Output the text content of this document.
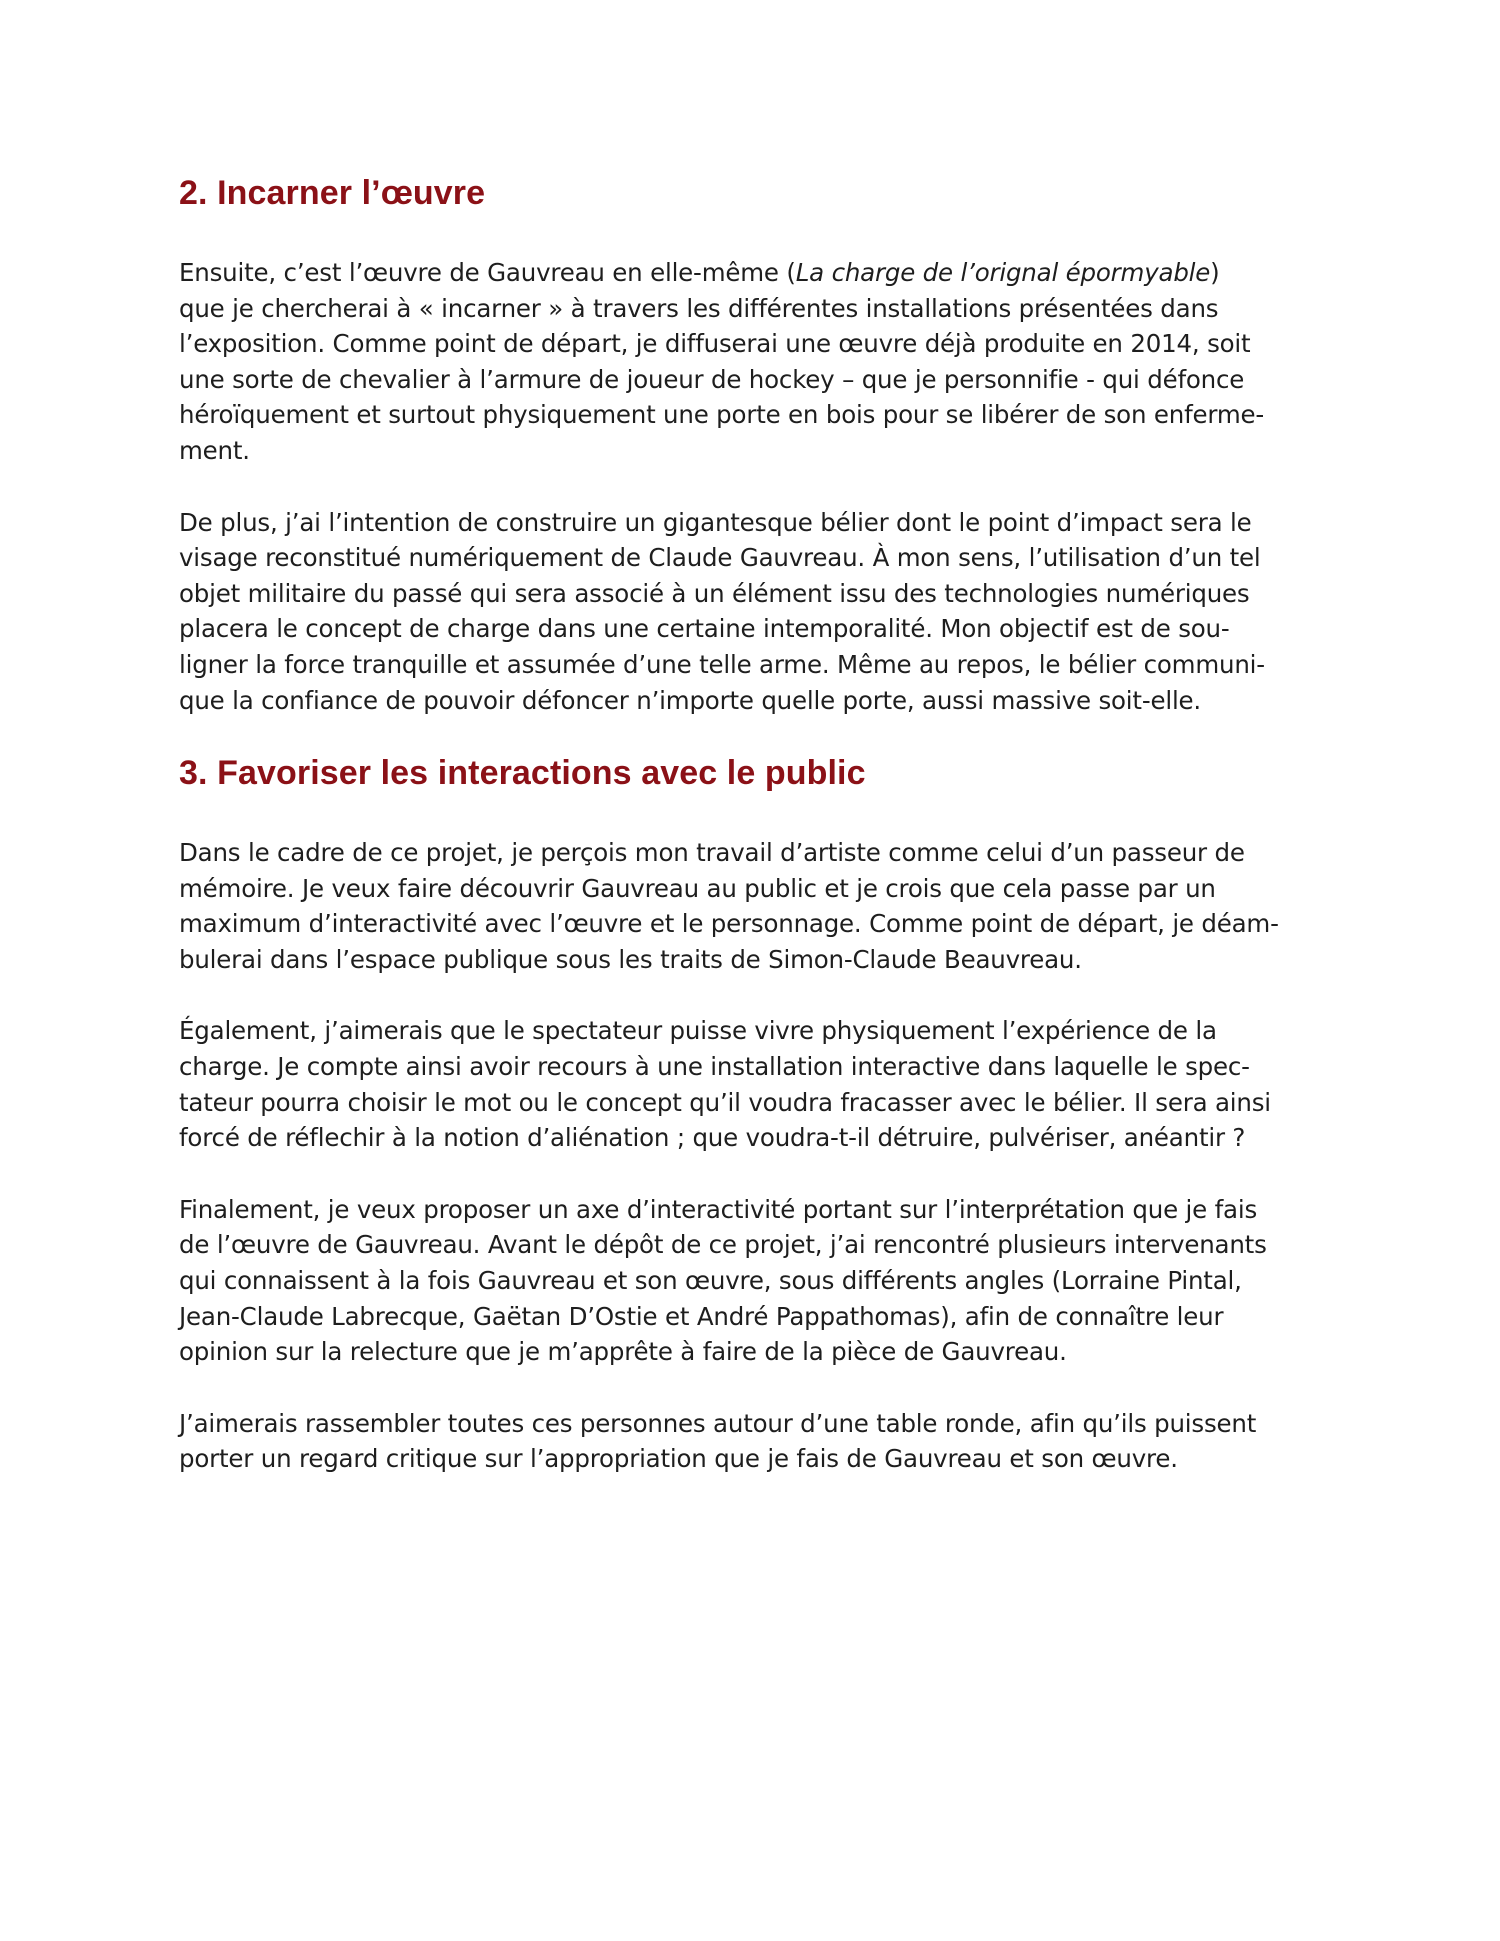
2. Incarner l’œuvre

Ensuite, c’est l’œuvre de Gauvreau en elle-même (La charge de l’orignal épormyable)
que je chercherai à « incarner » à travers les différentes installations présentées dans
l’exposition. Comme point de départ, je diffuserai une œuvre déjà produite en 2014, soit
une sorte de chevalier à l’armure de joueur de hockey – que je personnifie - qui défonce
héroïquement et surtout physiquement une porte en bois pour se libérer de son enferme-
ment.

De plus, j’ai l’intention de construire un gigantesque bélier dont le point d’impact sera le
visage reconstitué numériquement de Claude Gauvreau. À mon sens, l’utilisation d’un tel
objet militaire du passé qui sera associé à un élément issu des technologies numériques
placera le concept de charge dans une certaine intemporalité. Mon objectif est de sou-
ligner la force tranquille et assumée d’une telle arme. Même au repos, le bélier communi-
que la confiance de pouvoir défoncer n’importe quelle porte, aussi massive soit-elle.

3. Favoriser les interactions avec le public

Dans le cadre de ce projet, je perçois mon travail d’artiste comme celui d’un passeur de
mémoire. Je veux faire découvrir Gauvreau au public et je crois que cela passe par un
maximum d’interactivité avec l’œuvre et le personnage. Comme point de départ, je déam-
bulerai dans l’espace publique sous les traits de Simon-Claude Beauvreau.

Également, j’aimerais que le spectateur puisse vivre physiquement l’expérience de la
charge. Je compte ainsi avoir recours à une installation interactive dans laquelle le spec-
tateur pourra choisir le mot ou le concept qu’il voudra fracasser avec le bélier. Il sera ainsi
forcé de réflechir à la notion d’aliénation ; que voudra-t-il détruire, pulvériser, anéantir ?

Finalement, je veux proposer un axe d’interactivité portant sur l’interprétation que je fais
de l’œuvre de Gauvreau. Avant le dépôt de ce projet, j’ai rencontré plusieurs intervenants
qui connaissent à la fois Gauvreau et son œuvre, sous différents angles (Lorraine Pintal,
Jean-Claude Labrecque, Gaëtan D’Ostie et André Pappathomas), afin de connaître leur
opinion sur la relecture que je m’apprête à faire de la pièce de Gauvreau.

J’aimerais rassembler toutes ces personnes autour d’une table ronde, afin qu’ils puissent
porter un regard critique sur l’appropriation que je fais de Gauvreau et son œuvre.
